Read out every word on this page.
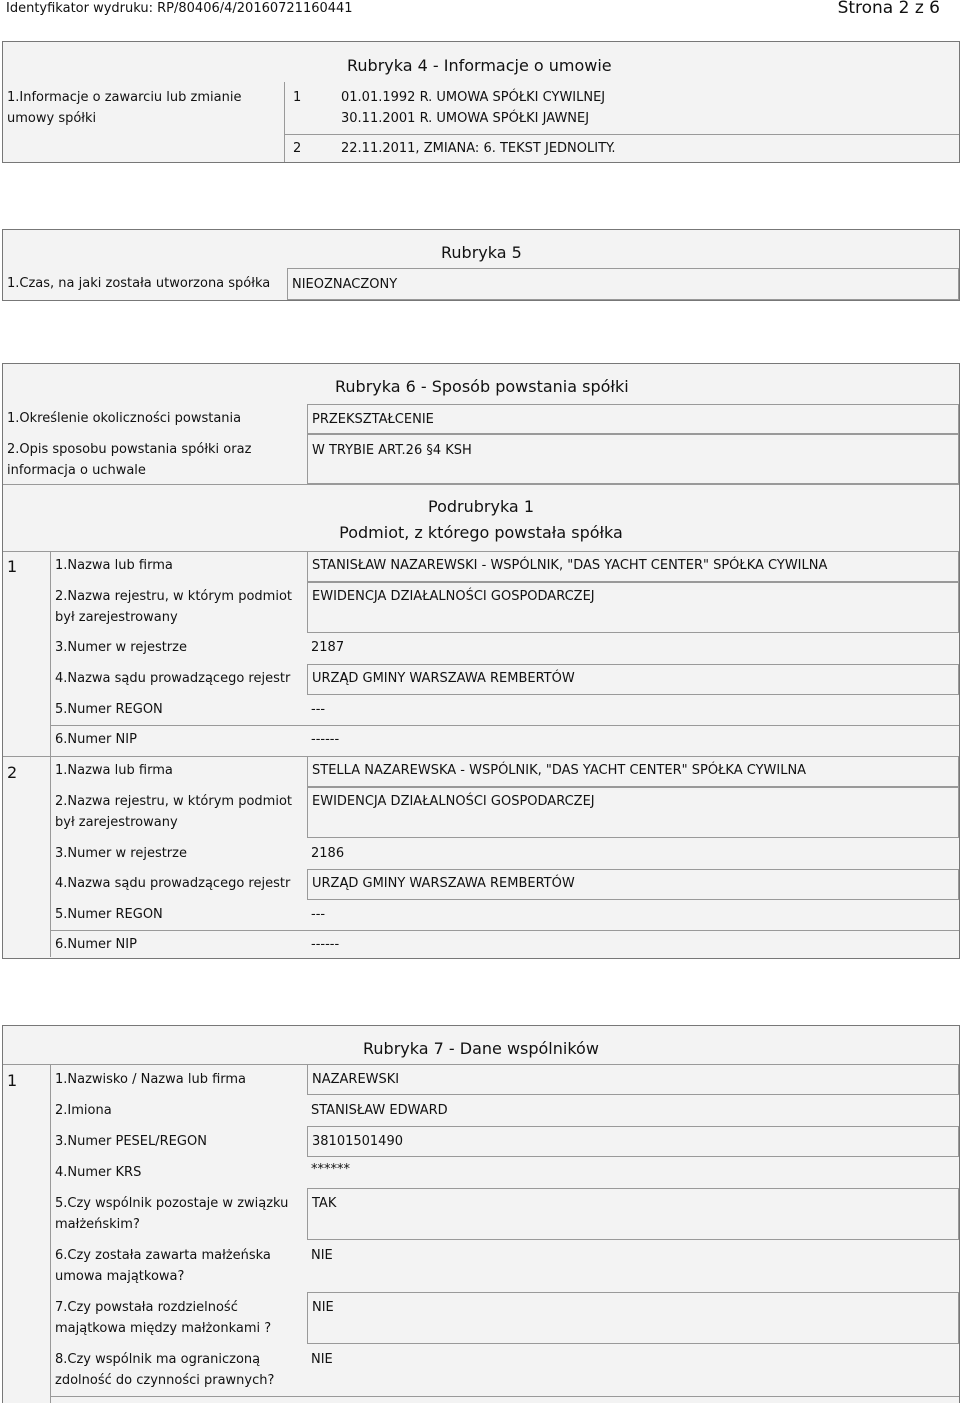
Identyfikator wydruku: RP/80406/4/20160721160441	Strona 2 z 6
Rubryka 4 - Informacje o umowie
1.Informacje o zawarciu lub zmianie umowy spółki
1	01.01.1992 R. UMOWA SPÓŁKI CYWILNEJ
30.11.2001 R. UMOWA SPÓŁKI JAWNEJ
2	22.11.2011, ZMIANA: 6. TEKST JEDNOLITY.
Rubryka 5
1.Czas, na jaki została utworzona spółka NIEOZNACZONY
Rubryka 6 - Sposób powstania spółki
1.Określenie okoliczności powstania	PRZEKSZTAŁCENIE
2.Opis sposobu powstania spółki oraz informacja o uchwale
W TRYBIE ART.26 §4 KSH
Podrubryka 1
Podmiot, z którego powstała spółka
1	1.Nazwa lub firma	STANISŁAW NAZAREWSKI - WSPÓLNIK, "DAS YACHT CENTER" SPÓŁKA CYWILNA
2.Nazwa rejestru, w którym podmiot był zarejestrowany
EWIDENCJA DZIAŁALNOŚCI GOSPODARCZEJ
3.Numer w rejestrze	2187
4.Nazwa sądu prowadzącego rejestr URZĄD GMINY WARSZAWA REMBERTÓW
5.Numer REGON	---
6.Numer NIP	------
2	1.Nazwa lub firma	STELLA NAZAREWSKA - WSPÓLNIK, "DAS YACHT CENTER" SPÓŁKA CYWILNA
2.Nazwa rejestru, w którym podmiot był zarejestrowany
EWIDENCJA DZIAŁALNOŚCI GOSPODARCZEJ
3.Numer w rejestrze	2186
4.Nazwa sądu prowadzącego rejestr URZĄD GMINY WARSZAWA REMBERTÓW
5.Numer REGON	---
6.Numer NIP	------
Rubryka 7 - Dane wspólników
1	1.Nazwisko / Nazwa lub firma	NAZAREWSKI
2.Imiona	STANISŁAW EDWARD
3.Numer PESEL/REGON	38101501490
4.Numer KRS	******
5.Czy wspólnik pozostaje w związku małżeńskim?
TAK
6.Czy została zawarta małżeńska umowa majątkowa?
NIE
7.Czy powstała rozdzielność majątkowa między małżonkami ?
NIE
8.Czy wspólnik ma ograniczoną zdolność do czynności prawnych?
NIE
